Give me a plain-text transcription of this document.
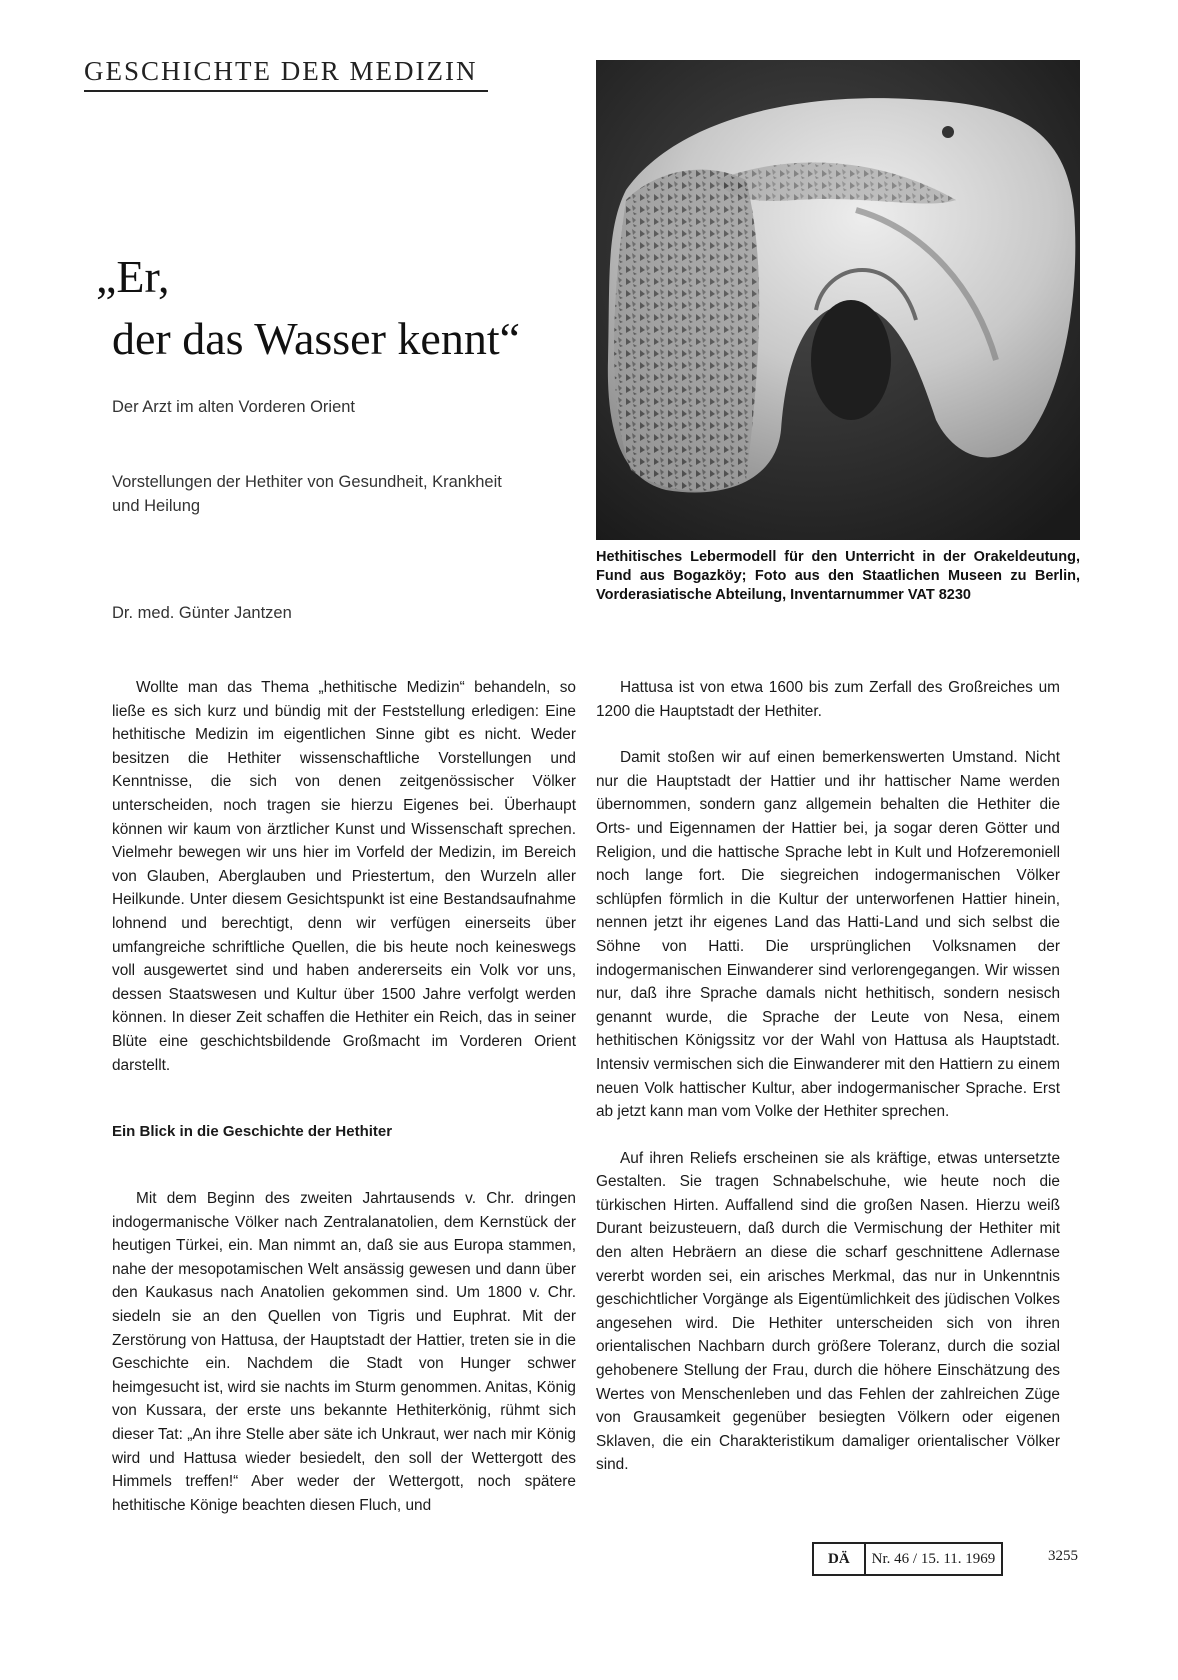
GESCHICHTE DER MEDIZIN
„Er,
der das Wasser kennt“
Der Arzt im alten Vorderen Orient
Vorstellungen der Hethiter von Gesundheit, Krankheit und Heilung
Dr. med. Günter Jantzen
Hethitisches Lebermodell für den Unterricht in der Orakeldeutung, Fund aus Bogazköy; Foto aus den Staatlichen Museen zu Berlin, Vorderasiatische Abteilung, Inventarnummer VAT 8230

Wollte man das Thema „hethitische Medizin“ behandeln, so ließe es sich kurz und bündig mit der Feststellung erledigen: Eine hethitische Medizin im eigentlichen Sinne gibt es nicht. Weder besitzen die Hethiter wissenschaftliche Vorstellungen und Kenntnisse, die sich von denen zeitgenössischer Völker unterscheiden, noch tragen sie hierzu Eigenes bei. Überhaupt können wir kaum von ärztlicher Kunst und Wissenschaft sprechen. Vielmehr bewegen wir uns hier im Vorfeld der Medizin, im Bereich von Glauben, Aberglauben und Priestertum, den Wurzeln aller Heilkunde. Unter diesem Gesichtspunkt ist eine Bestandsaufnahme lohnend und berechtigt, denn wir verfügen einerseits über umfangreiche schriftliche Quellen, die bis heute noch keineswegs voll ausgewertet sind und haben andererseits ein Volk vor uns, dessen Staatswesen und Kultur über 1500 Jahre verfolgt werden können. In dieser Zeit schaffen die Hethiter ein Reich, das in seiner Blüte eine geschichtsbildende Großmacht im Vorderen Orient darstellt.

Ein Blick in die Geschichte der Hethiter

Mit dem Beginn des zweiten Jahrtausends v. Chr. dringen indogermanische Völker nach Zentralanatolien, dem Kernstück der heutigen Türkei, ein. Man nimmt an, daß sie aus Europa stammen, nahe der mesopotamischen Welt ansässig gewesen und dann über den Kaukasus nach Anatolien gekommen sind. Um 1800 v. Chr. siedeln sie an den Quellen von Tigris und Euphrat. Mit der Zerstörung von Hattusa, der Hauptstadt der Hattier, treten sie in die Geschichte ein. Nachdem die Stadt von Hunger schwer heimgesucht ist, wird sie nachts im Sturm genommen. Anitas, König von Kussara, der erste uns bekannte Hethiterkönig, rühmt sich dieser Tat: „An ihre Stelle aber säte ich Unkraut, wer nach mir König wird und Hattusa wieder besiedelt, den soll der Wettergott des Himmels treffen!“ Aber weder der Wettergott, noch spätere hethitische Könige beachten diesen Fluch, und

Hattusa ist von etwa 1600 bis zum Zerfall des Großreiches um 1200 die Hauptstadt der Hethiter.

Damit stoßen wir auf einen bemerkenswerten Umstand. Nicht nur die Hauptstadt der Hattier und ihr hattischer Name werden übernommen, sondern ganz allgemein behalten die Hethiter die Orts- und Eigennamen der Hattier bei, ja sogar deren Götter und Religion, und die hattische Sprache lebt in Kult und Hofzeremoniell noch lange fort. Die siegreichen indogermanischen Völker schlüpfen förmlich in die Kultur der unterworfenen Hattier hinein, nennen jetzt ihr eigenes Land das Hatti-Land und sich selbst die Söhne von Hatti. Die ursprünglichen Volksnamen der indogermanischen Einwanderer sind verlorengegangen. Wir wissen nur, daß ihre Sprache damals nicht hethitisch, sondern nesisch genannt wurde, die Sprache der Leute von Nesa, einem hethitischen Königssitz vor der Wahl von Hattusa als Hauptstadt. Intensiv vermischen sich die Einwanderer mit den Hattiern zu einem neuen Volk hattischer Kultur, aber indogermanischer Sprache. Erst ab jetzt kann man vom Volke der Hethiter sprechen.

Auf ihren Reliefs erscheinen sie als kräftige, etwas untersetzte Gestalten. Sie tragen Schnabelschuhe, wie heute noch die türkischen Hirten. Auffallend sind die großen Nasen. Hierzu weiß Durant beizusteuern, daß durch die Vermischung der Hethiter mit den alten Hebräern an diese die scharf geschnittene Adlernase vererbt worden sei, ein arisches Merkmal, das nur in Unkenntnis geschichtlicher Vorgänge als Eigentümlichkeit des jüdischen Volkes angesehen wird. Die Hethiter unterscheiden sich von ihren orientalischen Nachbarn durch größere Toleranz, durch die sozial gehobenere Stellung der Frau, durch die höhere Einschätzung des Wertes von Menschenleben und das Fehlen der zahlreichen Züge von Grausamkeit gegenüber besiegten Völkern oder eigenen Sklaven, die ein Charakteristikum damaliger orientalischer Völker sind.

DÄ	Nr. 46 / 15. 11. 1969	3255
